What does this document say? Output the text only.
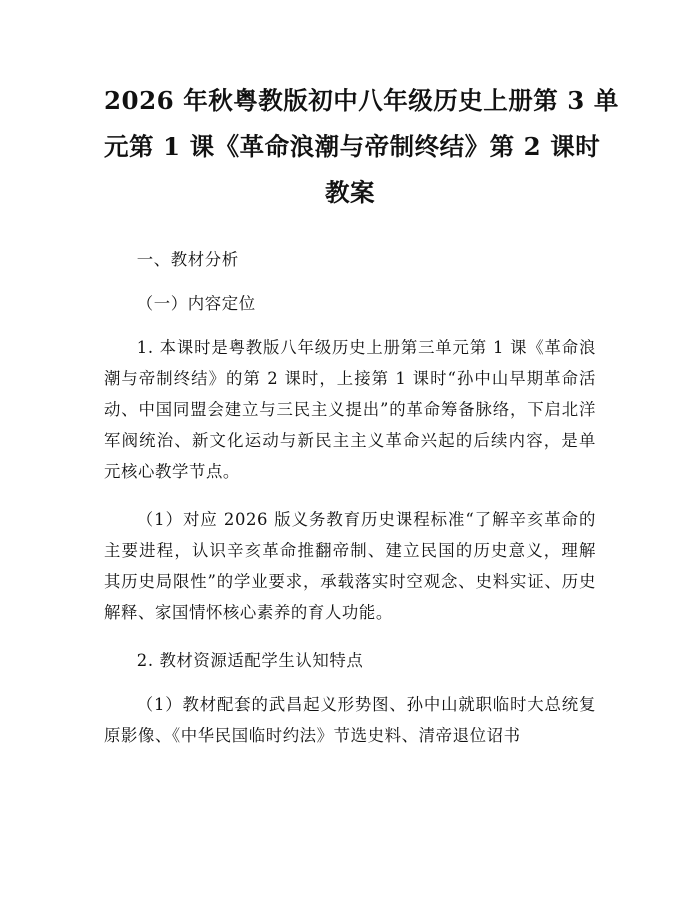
2026 年秋粤教版初中八年级历史上册第 3 单
元第 1 课《革命浪潮与帝制终结》第 2 课时
教案

一、教材分析

（一）内容定位

1. 本课时是粤教版八年级历史上册第三单元第 1 课《革命浪潮与帝制终结》的第 2 课时，上接第 1 课时“孙中山早期革命活动、中国同盟会建立与三民主义提出”的革命筹备脉络，下启北洋军阀统治、新文化运动与新民主主义革命兴起的后续内容，是单元核心教学节点。

（1）对应 2026 版义务教育历史课程标准“了解辛亥革命的主要进程，认识辛亥革命推翻帝制、建立民国的历史意义，理解其历史局限性”的学业要求，承载落实时空观念、史料实证、历史解释、家国情怀核心素养的育人功能。

2. 教材资源适配学生认知特点

（1）教材配套的武昌起义形势图、孙中山就职临时大总统复原影像、《中华民国临时约法》节选史料、清帝退位诏书
